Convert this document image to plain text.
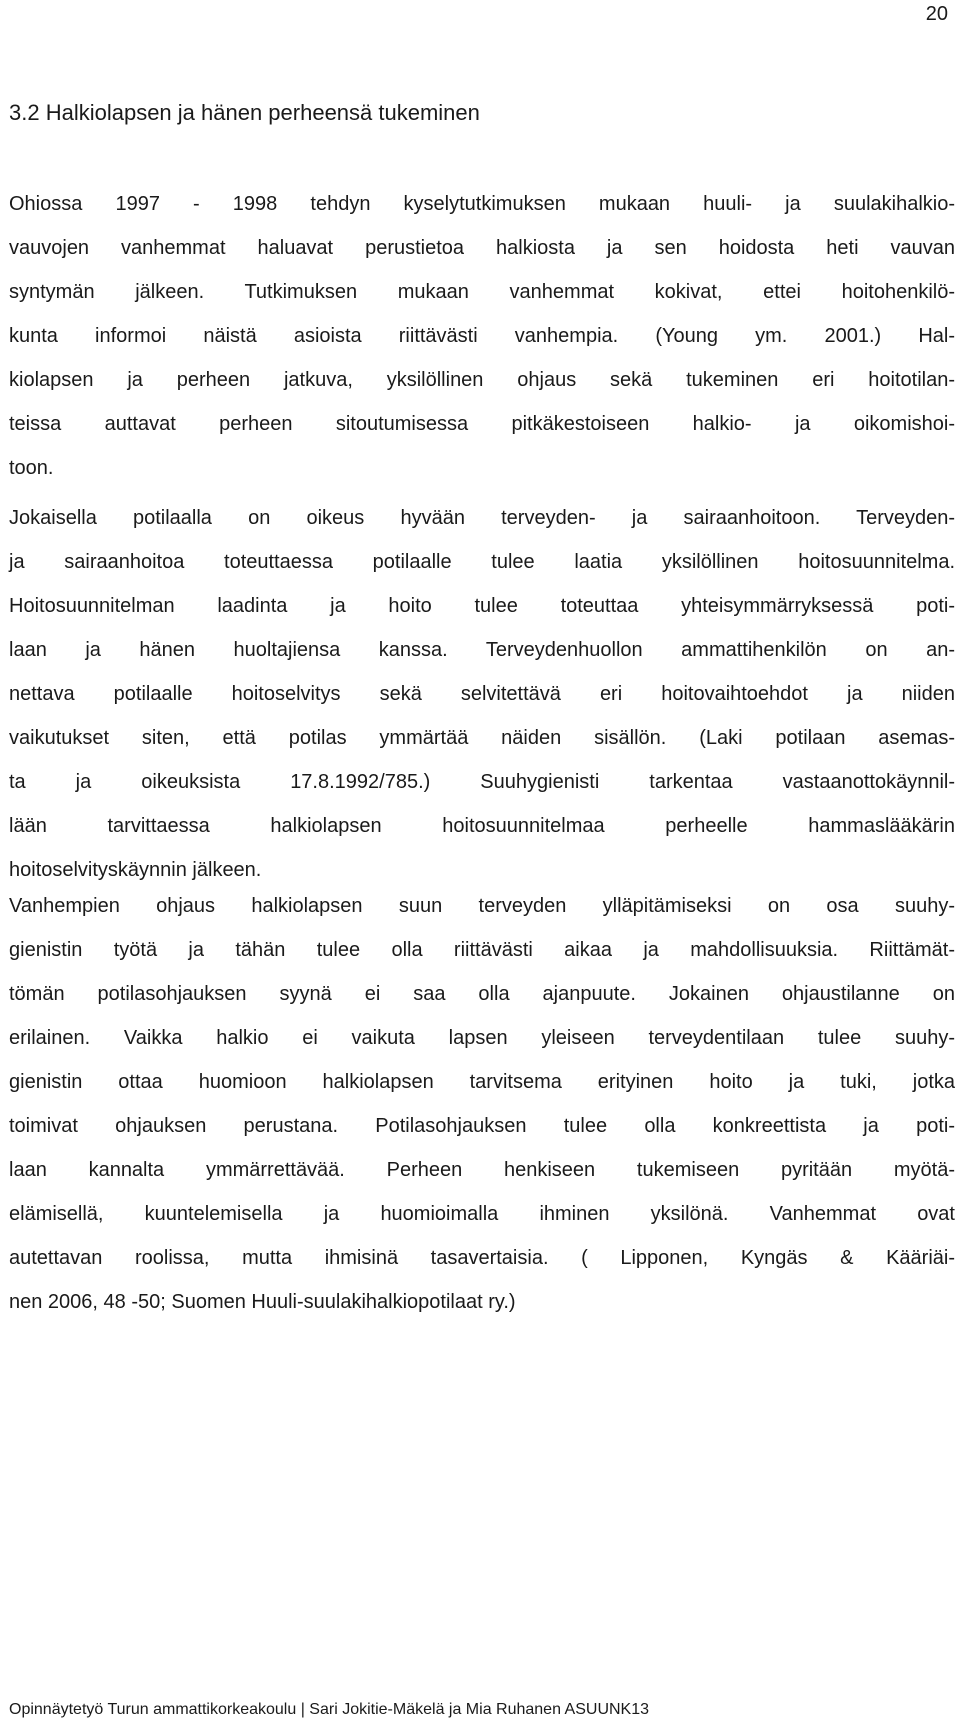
20
3.2 Halkiolapsen ja hänen perheensä tukeminen

Ohiossa 1997 - 1998 tehdyn kyselytutkimuksen mukaan huuli- ja suulakihalkio-
vauvojen vanhemmat haluavat perustietoa halkiosta ja sen hoidosta heti vauvan
syntymän jälkeen. Tutkimuksen mukaan vanhemmat kokivat, ettei hoitohenkilö-
kunta informoi näistä asioista riittävästi vanhempia. (Young ym. 2001.) Hal-
kiolapsen ja perheen jatkuva, yksilöllinen ohjaus sekä tukeminen eri hoitotilan-
teissa auttavat perheen sitoutumisessa pitkäkestoiseen halkio- ja oikomishoi-
toon.

Jokaisella potilaalla on oikeus hyvään terveyden- ja sairaanhoitoon. Terveyden-
ja sairaanhoitoa toteuttaessa potilaalle tulee laatia yksilöllinen hoitosuunnitelma.
Hoitosuunnitelman laadinta ja hoito tulee toteuttaa yhteisymmärryksessä poti-
laan ja hänen huoltajiensa kanssa. Terveydenhuollon ammattihenkilön on an-
nettava potilaalle hoitoselvitys sekä selvitettävä eri hoitovaihtoehdot ja niiden
vaikutukset siten, että potilas ymmärtää näiden sisällön. (Laki potilaan asemas-
ta ja oikeuksista 17.8.1992/785.) Suuhygienisti tarkentaa vastaanottokäynnil-
lään tarvittaessa halkiolapsen hoitosuunnitelmaa perheelle hammaslääkärin
hoitoselvityskäynnin jälkeen.

Vanhempien ohjaus halkiolapsen suun terveyden ylläpitämiseksi on osa suuhy-
gienistin työtä ja tähän tulee olla riittävästi aikaa ja mahdollisuuksia. Riittämät-
tömän potilasohjauksen syynä ei saa olla ajanpuute. Jokainen ohjaustilanne on
erilainen. Vaikka halkio ei vaikuta lapsen yleiseen terveydentilaan tulee suuhy-
gienistin ottaa huomioon halkiolapsen tarvitsema erityinen hoito ja tuki, jotka
toimivat ohjauksen perustana. Potilasohjauksen tulee olla konkreettista ja poti-
laan kannalta ymmärrettävää. Perheen henkiseen tukemiseen pyritään myötä-
elämisellä, kuuntelemisella ja huomioimalla ihminen yksilönä. Vanhemmat ovat
autettavan roolissa, mutta ihmisinä tasavertaisia. ( Lipponen, Kyngäs & Kääriäi-
nen 2006, 48 -50; Suomen Huuli-suulakihalkiopotilaat ry.)

Opinnäytetyö Turun ammattikorkeakoulu | Sari Jokitie-Mäkelä ja Mia Ruhanen ASUUNK13
